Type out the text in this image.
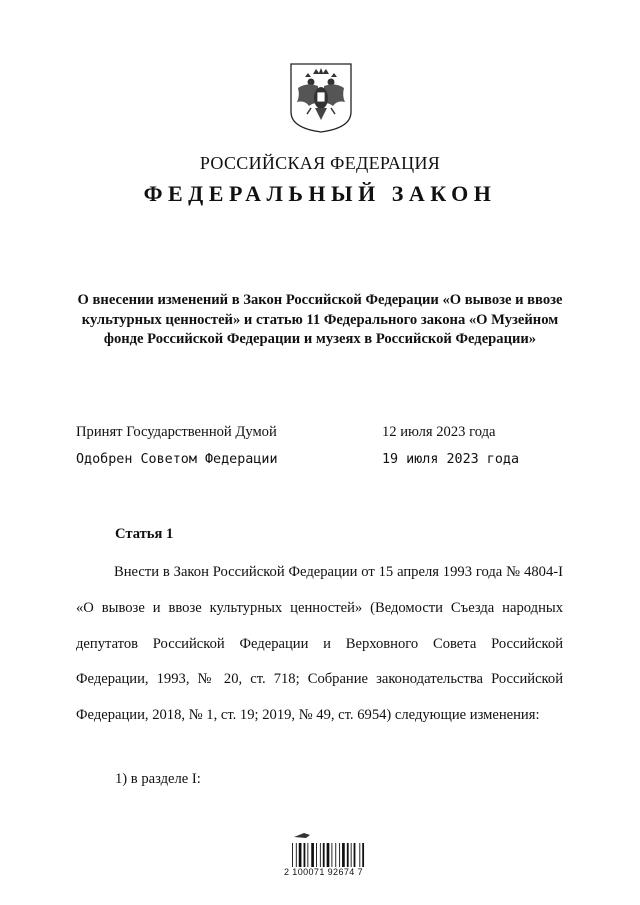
РОССИЙСКАЯ ФЕДЕРАЦИЯ
ФЕДЕРАЛЬНЫЙ ЗАКОН
О внесении изменений в Закон Российской Федерации «О вывозе и ввозе культурных ценностей» и статью 11 Федерального закона «О Музейном фонде Российской Федерации и музеях в Российской Федерации»
Принят Государственной Думой	12 июля 2023 года
Одобрен Советом Федерации	19 июля 2023 года
Статья 1
Внести в Закон Российской Федерации от 15 апреля 1993 года № 4804-I «О вывозе и ввозе культурных ценностей» (Ведомости Съезда народных депутатов Российской Федерации и Верховного Совета Российской Федерации, 1993, № 20, ст. 718; Собрание законодательства Российской Федерации, 2018, № 1, ст. 19; 2019, № 49, ст. 6954) следующие изменения:
1) в разделе I:
2 100071 92674 7
